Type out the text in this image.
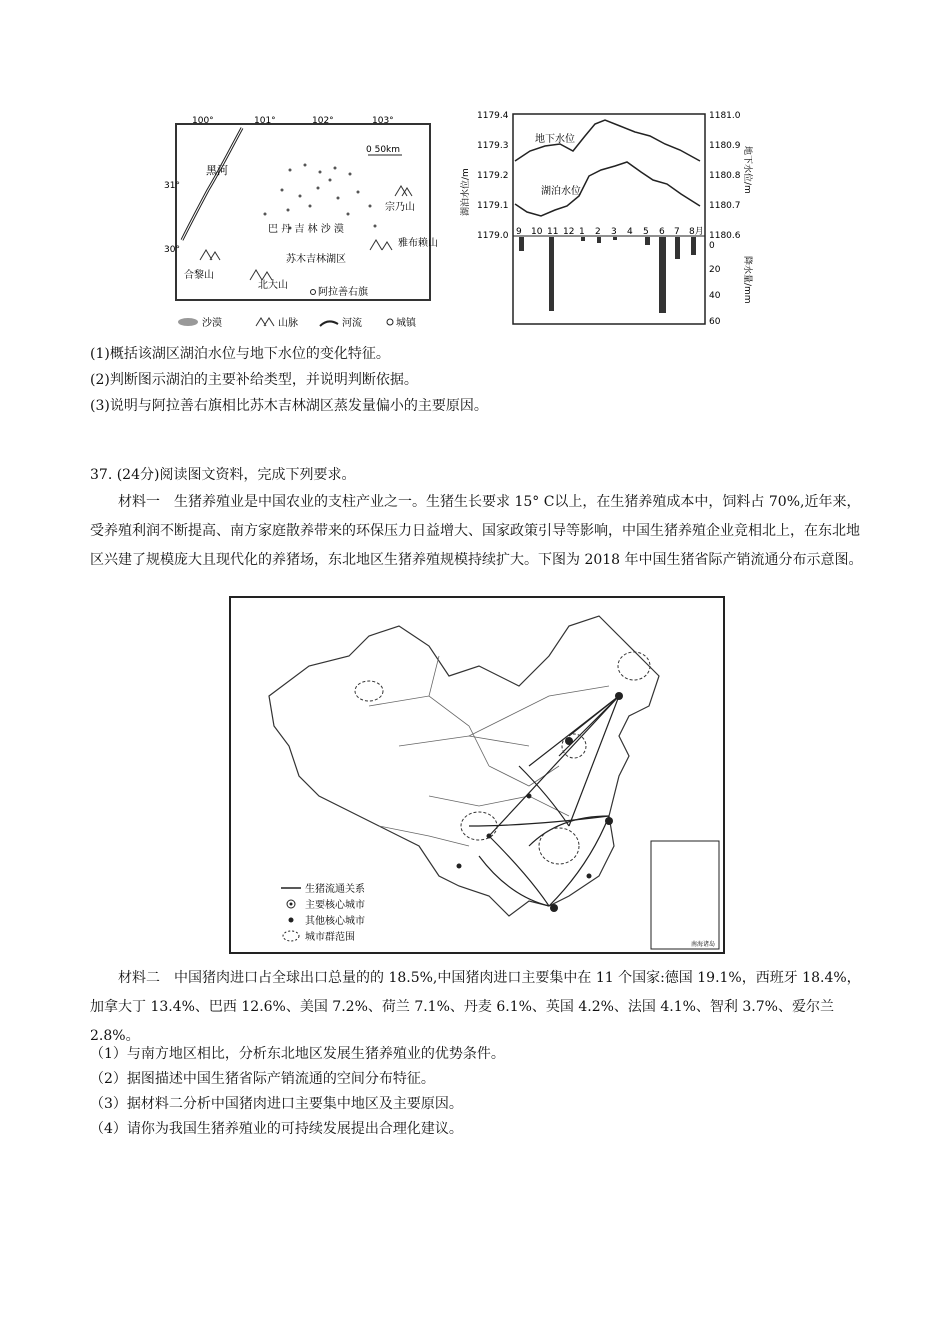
100°	101°	102°	103°
31°
30°
黑河
0 50km
巴 丹 吉 林 沙 漠
苏木吉林湖区
阿拉善右旗
宗乃山
雅布赖山
合黎山
北大山
沙漠	山脉	河流	城镇
1179.4
1179.3
1179.2
1179.1
1179.0
1181.0
1180.9
1180.8
1180.7
1180.6
0
20
40
60
湖泊水位/m	地下水位/m
降水量/mm
9 10 11 12 1 2 3 4 5 6 7 8月
地下水位
湖泊水位
(1)概括该湖区湖泊水位与地下水位的变化特征。
(2)判断图示湖泊的主要补给类型，并说明判断依据。
(3)说明与阿拉善右旗相比苏木吉林湖区蒸发量偏小的主要原因。
37. (24分)阅读图文资料，完成下列要求。
材料一　生猪养殖业是中国农业的支柱产业之一。生猪生长要求 15° C以上，在生猪养殖成本中，饲料占 70%,近年来，受养殖利润不断提高、南方家庭散养带来的环保压力日益增大、国家政策引导等影响，中国生猪养殖企业竞相北上，在东北地区兴建了规模庞大且现代化的养猪场，东北地区生猪养殖规模持续扩大。下图为 2018 年中国生猪省际产销流通分布示意图。
生猪流通关系
主要核心城市
其他核心城市
城市群范围
南海诸岛
材料二　中国猪肉进口占全球出口总量的的 18.5%,中国猪肉进口主要集中在 11 个国家:德国 19.1%，西班牙 18.4%，加拿大丁 13.4%、巴西 12.6%、美国 7.2%、荷兰 7.1%、丹麦 6.1%、英国 4.2%、法国 4.1%、智利 3.7%、爱尔兰 2.8%。
（1）与南方地区相比，分析东北地区发展生猪养殖业的优势条件。
（2）据图描述中国生猪省际产销流通的空间分布特征。
（3）据材料二分析中国猪肉进口主要集中地区及主要原因。
（4）请你为我国生猪养殖业的可持续发展提出合理化建议。
